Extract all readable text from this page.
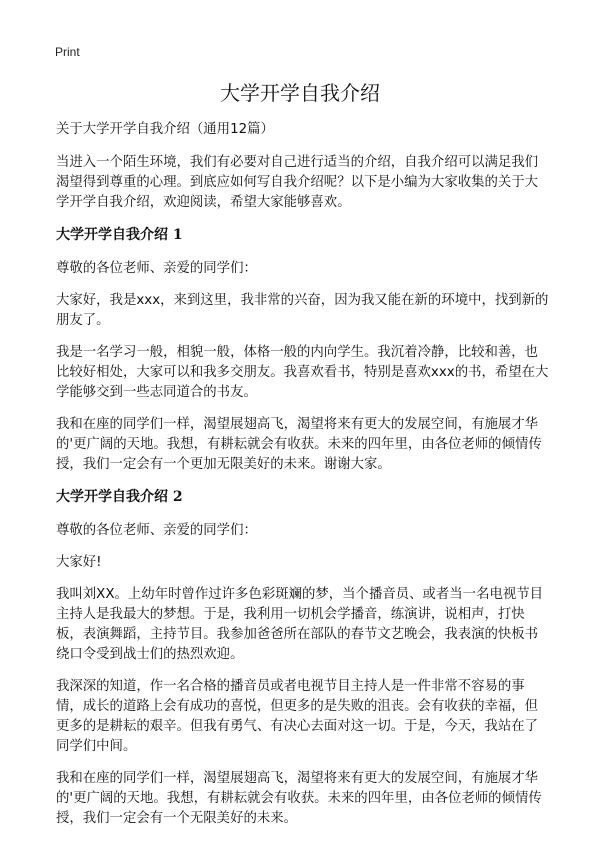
Print
大学开学自我介绍

关于大学开学自我介绍（通用12篇）

当进入一个陌生环境，我们有必要对自己进行适当的介绍，自我介绍可以满足我们渴望得到尊重的心理。到底应如何写自我介绍呢？以下是小编为大家收集的关于大学开学自我介绍，欢迎阅读，希望大家能够喜欢。

大学开学自我介绍 1

尊敬的各位老师、亲爱的同学们：

大家好，我是xxx，来到这里，我非常的兴奋，因为我又能在新的环境中，找到新的朋友了。

我是一名学习一般，相貌一般，体格一般的内向学生。我沉着冷静，比较和善，也比较好相处，大家可以和我多交朋友。我喜欢看书，特别是喜欢xxx的书，希望在大学能够交到一些志同道合的书友。

我和在座的同学们一样，渴望展翅高飞，渴望将来有更大的发展空间，有施展才华的'更广阔的天地。我想，有耕耘就会有收获。未来的四年里，由各位老师的倾情传授，我们一定会有一个更加无限美好的未来。谢谢大家。

大学开学自我介绍 2

尊敬的各位老师、亲爱的同学们：

大家好!

我叫刘XX。上幼年时曾作过许多色彩斑斓的梦，当个播音员、或者当一名电视节目主持人是我最大的梦想。于是，我利用一切机会学播音，练演讲，说相声，打快板，表演舞蹈，主持节目。我参加爸爸所在部队的春节文艺晚会，我表演的快板书绕口令受到战士们的热烈欢迎。

我深深的知道，作一名合格的播音员或者电视节目主持人是一件非常不容易的事情，成长的道路上会有成功的喜悦，但更多的是失败的沮丧。会有收获的幸福，但更多的是耕耘的艰辛。但我有勇气、有决心去面对这一切。于是，今天，我站在了同学们中间。

我和在座的同学们一样，渴望展翅高飞，渴望将来有更大的发展空间，有施展才华的'更广阔的天地。我想，有耕耘就会有收获。未来的四年里，由各位老师的倾情传授，我们一定会有一个无限美好的未来。
